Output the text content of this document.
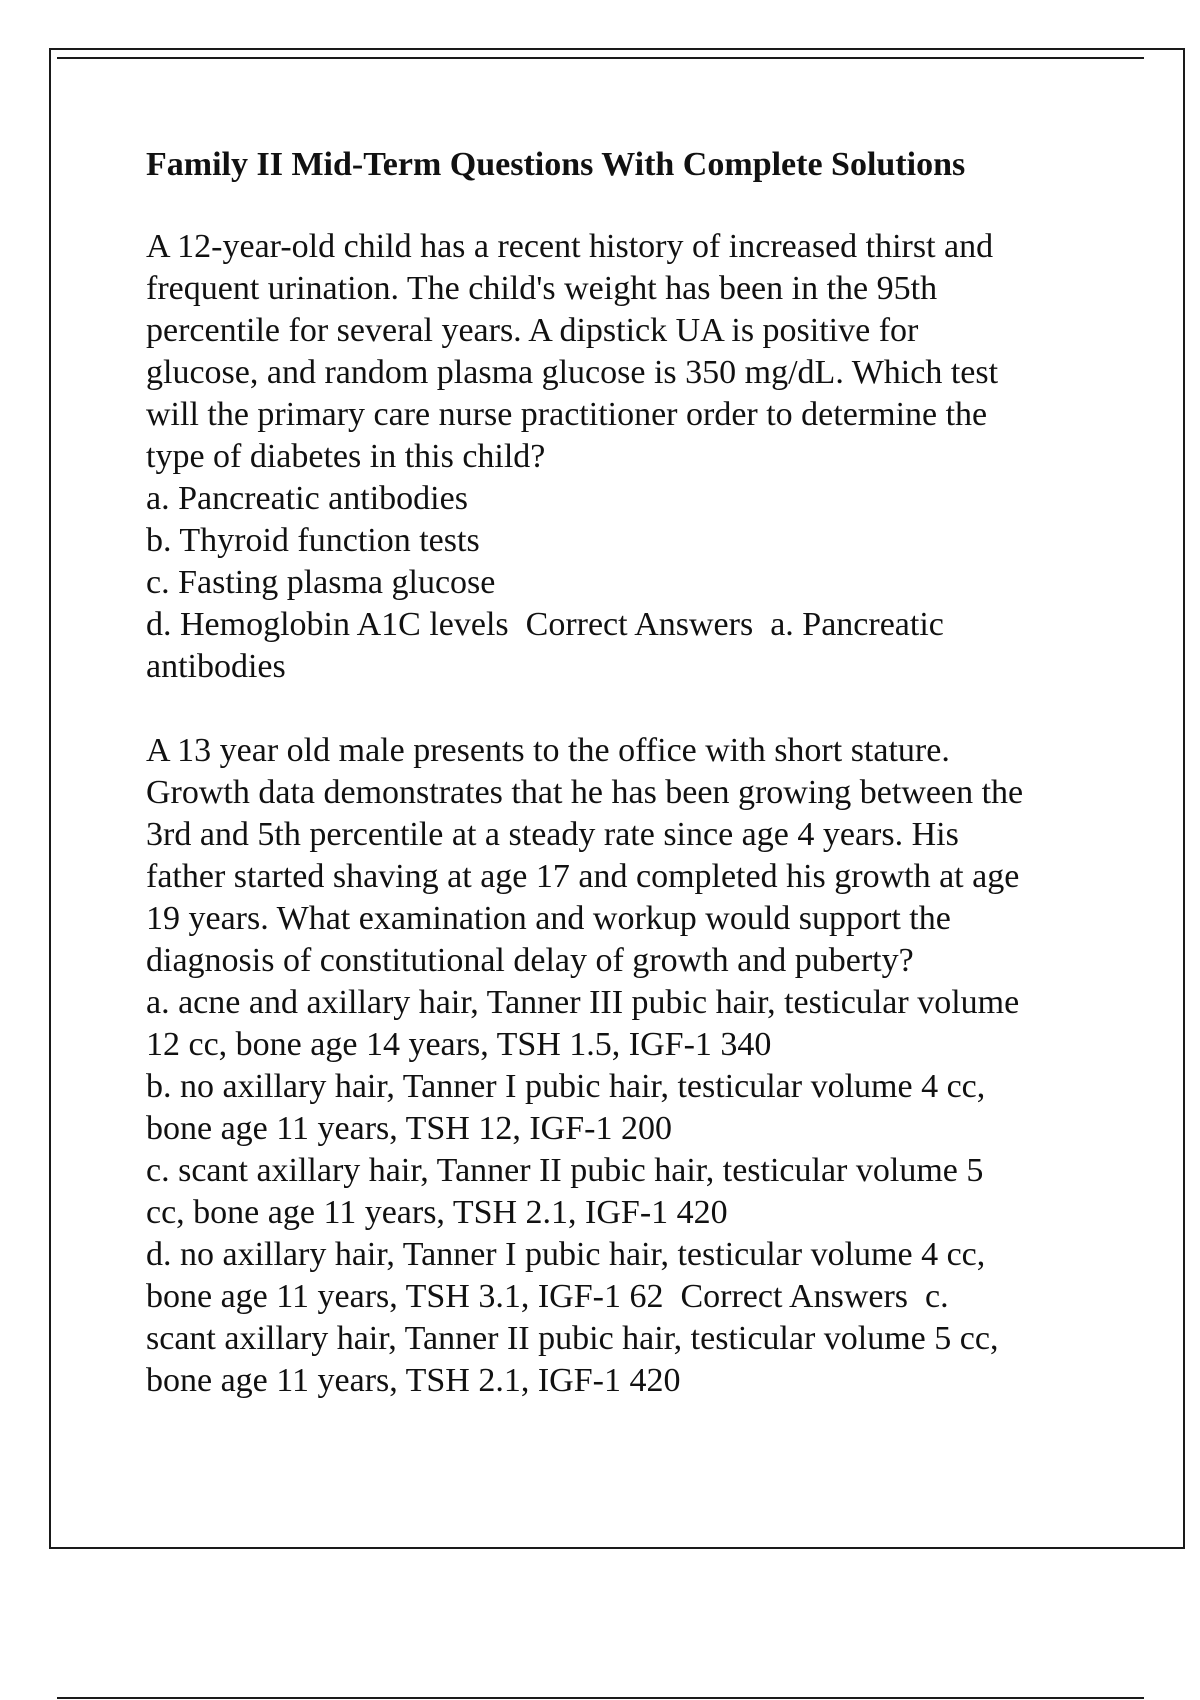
Family II Mid-Term Questions With Complete Solutions

A 12-year-old child has a recent history of increased thirst and

frequent urination. The child's weight has been in the 95th

percentile for several years. A dipstick UA is positive for

glucose, and random plasma glucose is 350 mg/dL. Which test

will the primary care nurse practitioner order to determine the

type of diabetes in this child?

a. Pancreatic antibodies

b. Thyroid function tests

c. Fasting plasma glucose

d. Hemoglobin A1C levels  Correct Answers  a. Pancreatic

antibodies

A 13 year old male presents to the office with short stature.

Growth data demonstrates that he has been growing between the

3rd and 5th percentile at a steady rate since age 4 years. His

father started shaving at age 17 and completed his growth at age

19 years. What examination and workup would support the

diagnosis of constitutional delay of growth and puberty?

a. acne and axillary hair, Tanner III pubic hair, testicular volume

12 cc, bone age 14 years, TSH 1.5, IGF-1 340

b. no axillary hair, Tanner I pubic hair, testicular volume 4 cc,

bone age 11 years, TSH 12, IGF-1 200

c. scant axillary hair, Tanner II pubic hair, testicular volume 5

cc, bone age 11 years, TSH 2.1, IGF-1 420

d. no axillary hair, Tanner I pubic hair, testicular volume 4 cc,

bone age 11 years, TSH 3.1, IGF-1 62  Correct Answers  c.

scant axillary hair, Tanner II pubic hair, testicular volume 5 cc,

bone age 11 years, TSH 2.1, IGF-1 420
